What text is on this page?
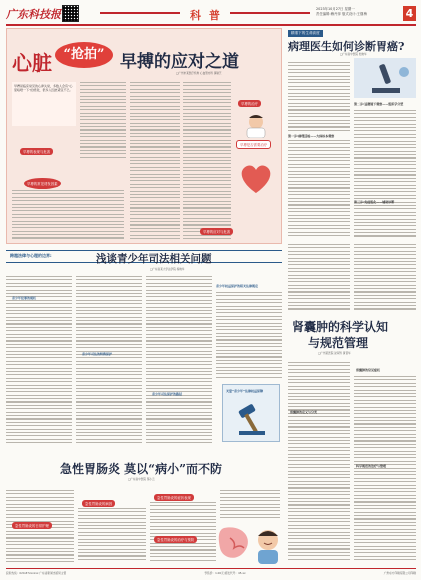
广东科技报	科 普	2023年10月27日 星期一
责任编辑:赖丹萍 版式设计:王继梅	4
心脏 “抢拍” 早搏的应对之道
□广州市某医疗机构 心血管内科 黄敏芝
早搏是临床常见的心律失常，多数人会有“心里咯噔一下”的感觉，很多人因此紧张不已。
早搏的表现与危害
早搏的常见诱发因素
早搏的治疗
早搏是否需要治疗
早搏的应对与危害
精准下的生命高度
病理医生如何诊断胃癌?
□广东省中医院 杜晓华
第一步:病理活检——大体标本观察
第二步:显微镜下观察——组织学分型
第三步:免疫组化——辅助诊断
跨越法律与心理的边界:	浅谈青少年司法相关问题
□广东省某大学法学院 杨晓华
青少年犯罪的现状
青少年司法的特殊保护
青少年司法保护的路径
青少年权益保护的相关法律规定
关爱“青少年”法律权益保障
急性胃肠炎 莫以“病小”而不防
□广东省中医院 蔡小云
急性胃肠炎的病因
急性胃肠炎的症状表现
急性胃肠炎的治疗与预防
急性胃肠炎的日常护理
肾囊肿的科学认知
与规范管理
□广州某医院 泌尿科 黄晋华
肾囊肿的定义与分类
肾囊肿的常见症状
科学规范的治疗与管理
投诉热线：020-87xxxxxx 广东省新闻出版局主管	零售价：1.00元 邮发代号：45-xx	广州东方印刷有限公司印刷
